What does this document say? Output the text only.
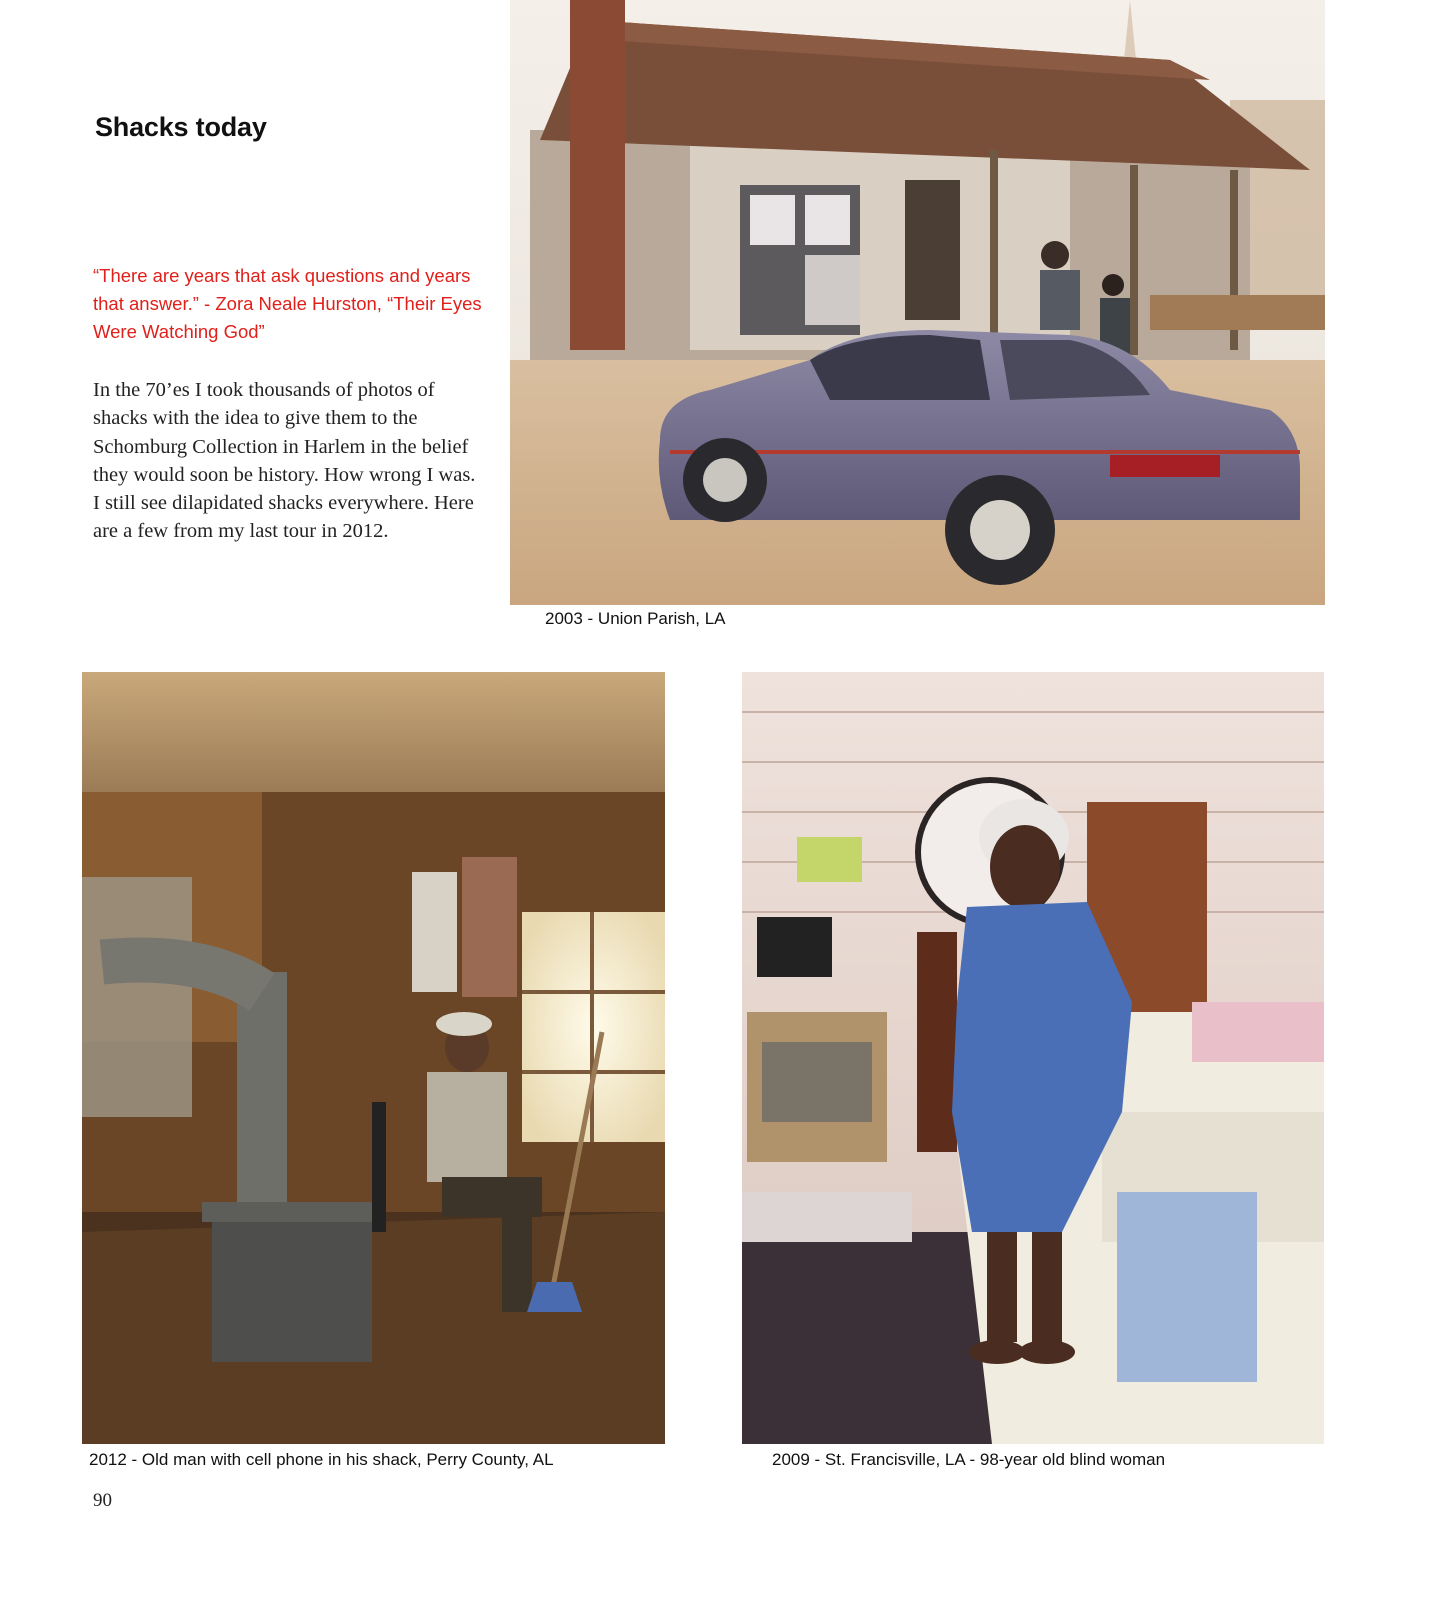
Shacks today
“There are years that ask questions and years that answer.” - Zora Neale Hurston, “Their Eyes Were Watching God”
In the 70’es I took thousands of photos of shacks with the idea to give them to the Schomburg Collection in Harlem in the belief they would soon be history. How wrong I was. I still see dilapidated shacks everywhere. Here are a few from my last tour in 2012.
2003 - Union Parish, LA
2012 - Old man with cell phone in his shack, Perry County, AL	2009 - St. Francisville, LA - 98-year old blind woman
90
